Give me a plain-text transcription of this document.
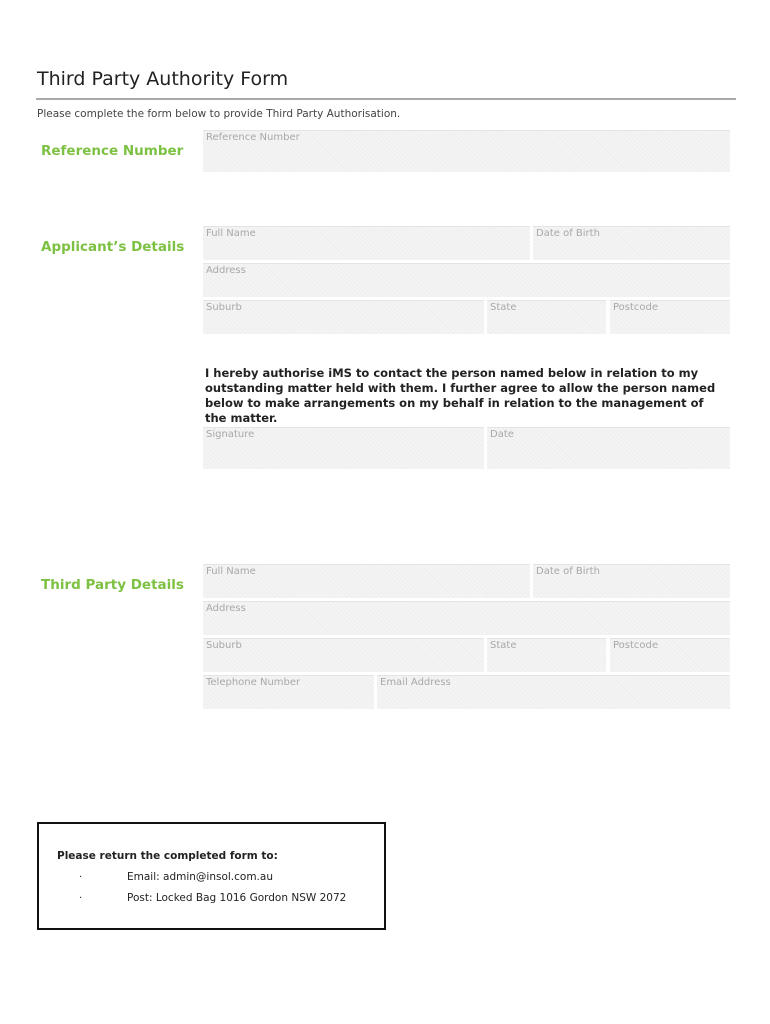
Third Party Authority Form
Please complete the form below to provide Third Party Authorisation.
Reference Number
Reference Number
Applicant’s Details
Full Name	Date of Birth
Address
Suburb	State	Postcode
I hereby authorise iMS to contact the person named below in relation to my outstanding matter held with them. I further agree to allow the person named below to make arrangements on my behalf in relation to the management of the matter.
Signature	Date
Third Party Details
Full Name	Date of Birth
Address
Suburb	State	Postcode
Telephone Number	Email Address
Please return the completed form to:
·	Email: admin@insol.com.au
·	Post: Locked Bag 1016 Gordon NSW 2072
